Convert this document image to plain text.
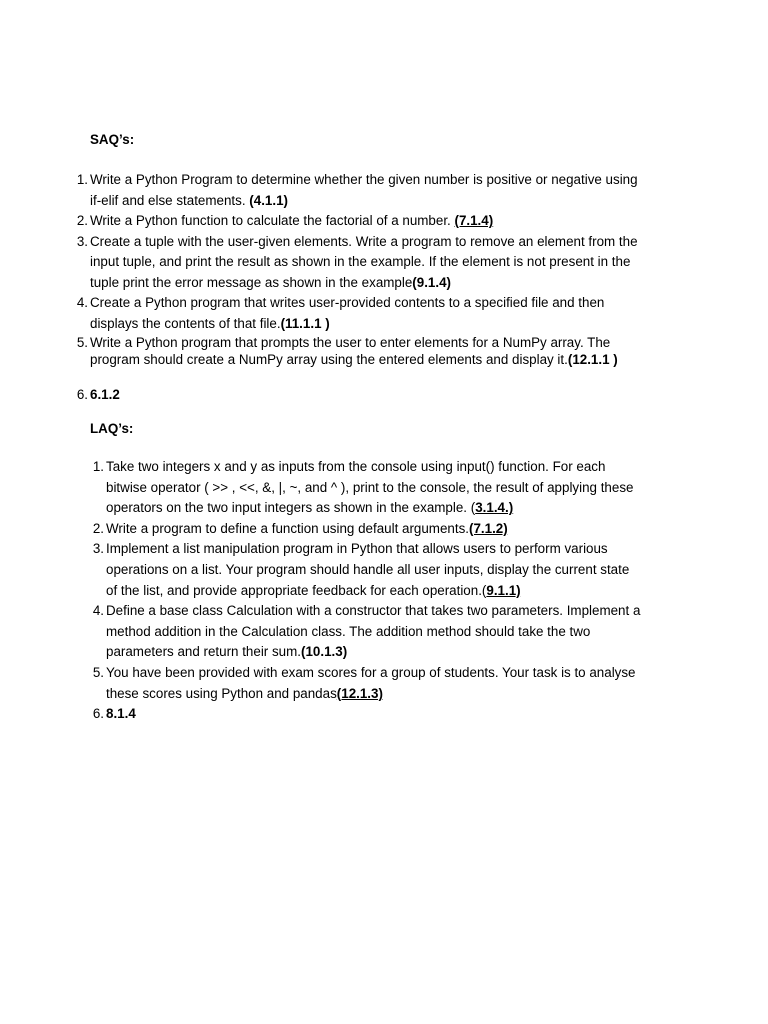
SAQ’s:

1. Write a Python Program to determine whether the given number is positive or negative using
if-elif and else statements. (4.1.1)
2. Write a Python function to calculate the factorial of a number. (7.1.4)
3. Create a tuple with the user-given elements. Write a program to remove an element from the
input tuple, and print the result as shown in the example. If the element is not present in the
tuple print the error message as shown in the example(9.1.4)
4. Create a Python program that writes user-provided contents to a specified file and then
displays the contents of that file.(11.1.1 )
5. Write a Python program that prompts the user to enter elements for a NumPy array. The
program should create a NumPy array using the entered elements and display it.(12.1.1 )
6. 6.1.2

LAQ’s:

1. Take two integers x and y as inputs from the console using input() function. For each
bitwise operator ( >> , <<, &, |, ~, and ^ ), print to the console, the result of applying these
operators on the two input integers as shown in the example. (3.1.4.)
2. Write a program to define a function using default arguments.(7.1.2)
3. Implement a list manipulation program in Python that allows users to perform various
operations on a list. Your program should handle all user inputs, display the current state
of the list, and provide appropriate feedback for each operation.(9.1.1)
4. Define a base class Calculation with a constructor that takes two parameters. Implement a
method addition in the Calculation class. The addition method should take the two
parameters and return their sum.(10.1.3)
5. You have been provided with exam scores for a group of students. Your task is to analyse
these scores using Python and pandas(12.1.3)
6. 8.1.4
